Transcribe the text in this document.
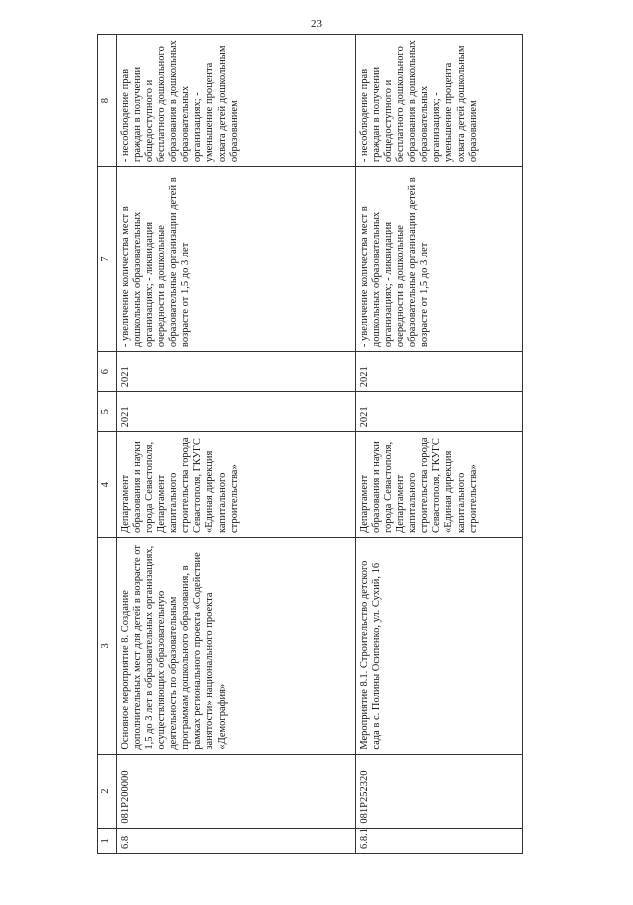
23
1	2	3	4	5	6	7	8
6.8	081P200000	Основное мероприятие 8. Создание дополнительных мест для детей в возрасте от 1,5 до 3 лет в образовательных организациях, осуществляющих образовательную деятельность по образовательным программам дошкольного образования, в рамках регионального проекта «Содействие занятости» национального проекта «Демография»	Департамент образования и науки города Севастополя, Департамент капитального строительства города Севастополя, ГКУГС «Единая дирекция капитального строительства»	2021	2021	- увеличение количества мест в дошкольных образовательных организациях; - ликвидация очередности в дошкольные образовательные организации детей в возрасте от 1,5 до 3 лет	- несоблюдение прав граждан в получении общедоступного и бесплатного дошкольного образования в дошкольных образовательных организациях; - уменьшение процента охвата детей дошкольным образованием
6.8.1	081P252320	Мероприятие 8.1. Строительство детского сада в с. Полины Осипенко, ул. Сухий, 16	Департамент образования и науки города Севастополя, Департамент капитального строительства города Севастополя, ГКУГС «Единая дирекция капитального строительства»	2021	2021	- увеличение количества мест в дошкольных образовательных организациях; - ликвидация очередности в дошкольные образовательные организации детей в возрасте от 1,5 до 3 лет	- несоблюдение прав граждан в получении общедоступного и бесплатного дошкольного образования в дошкольных образовательных организациях; - уменьшение процента охвата детей дошкольным образованием
